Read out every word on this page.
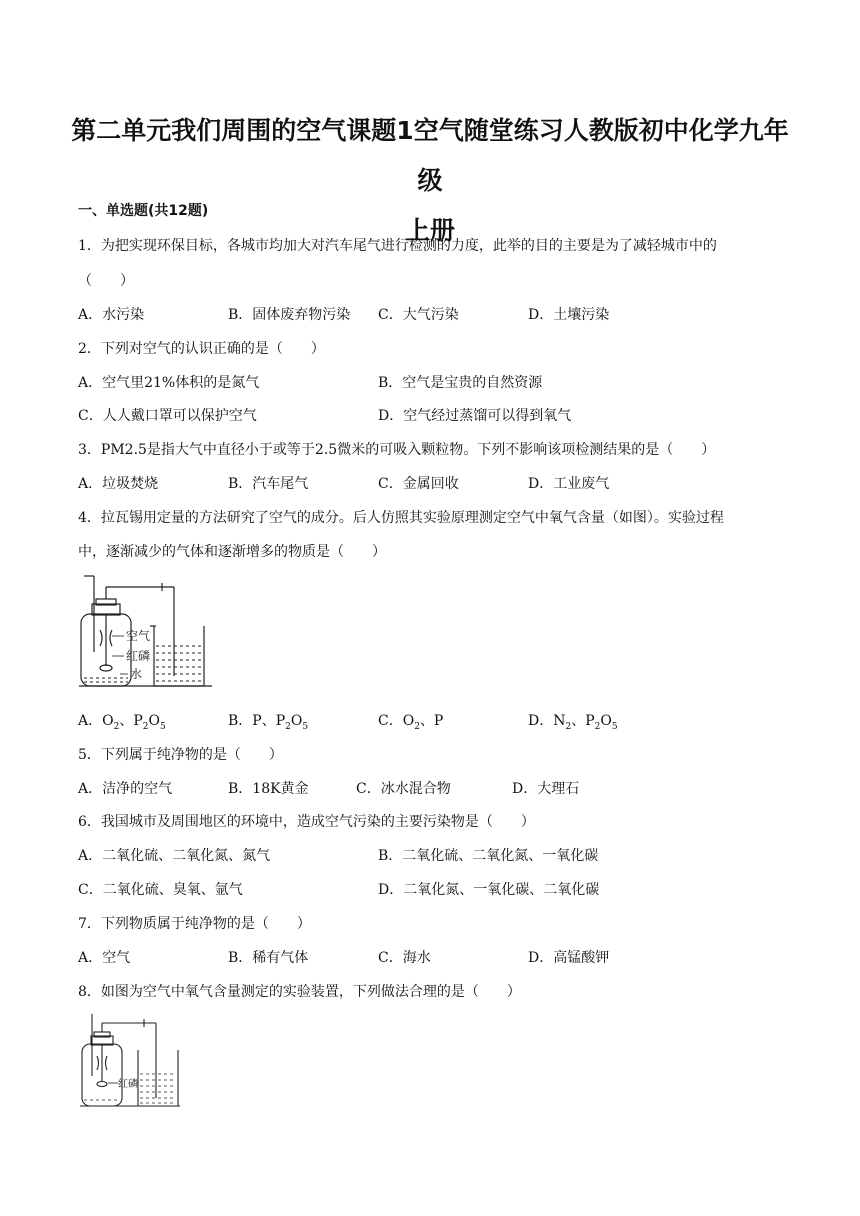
第二单元我们周围的空气课题1空气随堂练习人教版初中化学九年级
上册
一、单选题(共12题)
1．为把实现环保目标，各城市均加大对汽车尾气进行检测的力度，此举的目的主要是为了减轻城市中的
（　　）
A．水污染	B．固体废弃物污染 C．大气污染	D．土壤污染
2．下列对空气的认识正确的是（　　）
A．空气里21%体积的是氮气	B．空气是宝贵的自然资源
C．人人戴口罩可以保护空气	D．空气经过蒸馏可以得到氧气
3．PM2.5是指大气中直径小于或等于2.5微米的可吸入颗粒物。下列不影响该项检测结果的是（　　）
A．垃圾焚烧	B．汽车尾气	C．金属回收	D．工业废气
4．拉瓦锡用定量的方法研究了空气的成分。后人仿照其实验原理测定空气中氧气含量（如图）。实验过程
中，逐渐减少的气体和逐渐增多的物质是（　　）
空气
红磷
水
A．$O_2$、$P_2O_5$	B．P、$P_2O_5$	C．$O_2$、P	D．$N_2$、$P_2O_5$
5．下列属于纯净物的是（　　）
A．洁净的空气	B．18K黄金	C．冰水混合物	D．大理石
6．我国城市及周围地区的环境中，造成空气污染的主要污染物是（　　）
A．二氧化硫、二氧化氮、氮气	B．二氧化硫、二氧化氮、一氧化碳
C．二氧化硫、臭氧、氩气	D．二氧化氮、一氧化碳、二氧化碳
7．下列物质属于纯净物的是（　　）
A．空气	B．稀有气体	C．海水	D．高锰酸钾
8．如图为空气中氧气含量测定的实验装置，下列做法合理的是（　　）
红磷
